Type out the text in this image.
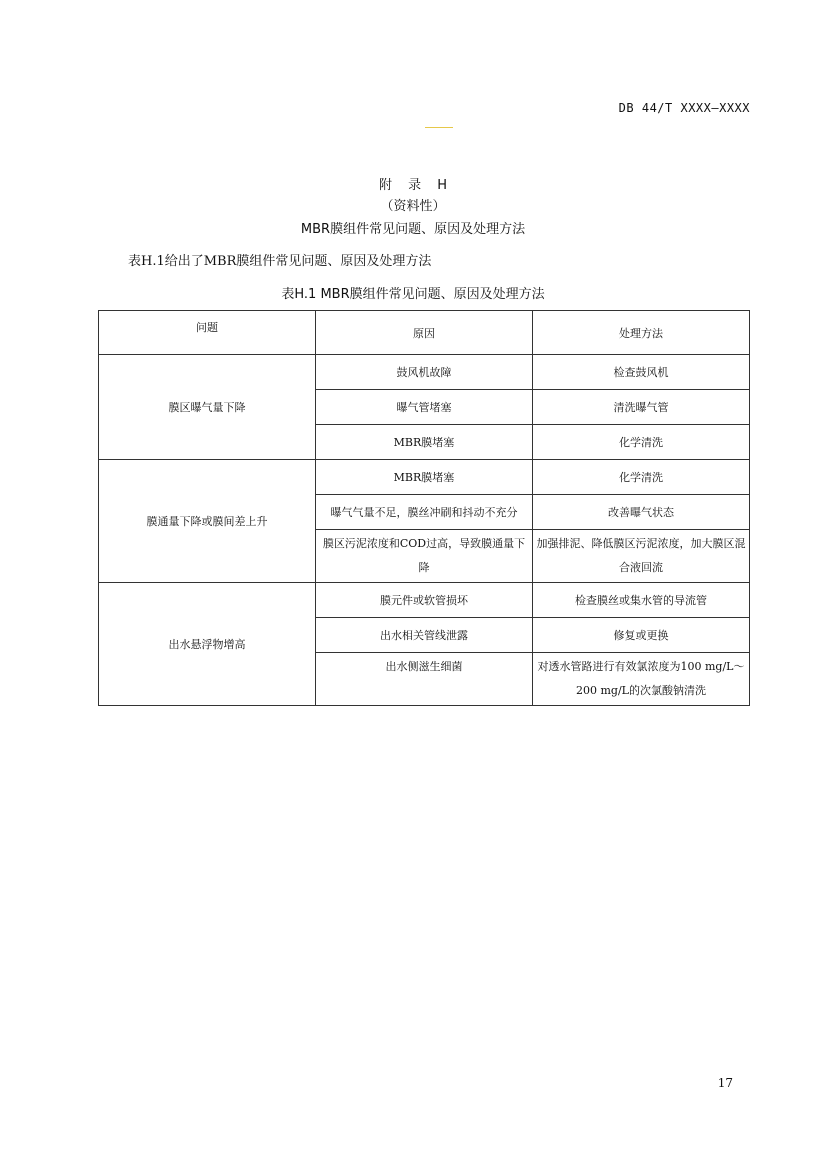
DB 44/T XXXX—XXXX
附 录 H
（资料性）
MBR膜组件常见问题、原因及处理方法
表H.1给出了MBR膜组件常见问题、原因及处理方法
表H.1 MBR膜组件常见问题、原因及处理方法
问题	原因	处理方法
膜区曝气量下降	鼓风机故障	检查鼓风机
	曝气管堵塞	清洗曝气管
	MBR膜堵塞	化学清洗
膜通量下降或膜间差上升	MBR膜堵塞	化学清洗
	曝气气量不足，膜丝冲刷和抖动不充分	改善曝气状态
	膜区污泥浓度和COD过高，导致膜通量下降	加强排泥、降低膜区污泥浓度，加大膜区混合液回流
出水悬浮物增高	膜元件或软管损坏	检查膜丝或集水管的导流管
	出水相关管线泄露	修复或更换
	出水侧滋生细菌	对透水管路进行有效氯浓度为100 mg/L～200 mg/L的次氯酸钠清洗
17
